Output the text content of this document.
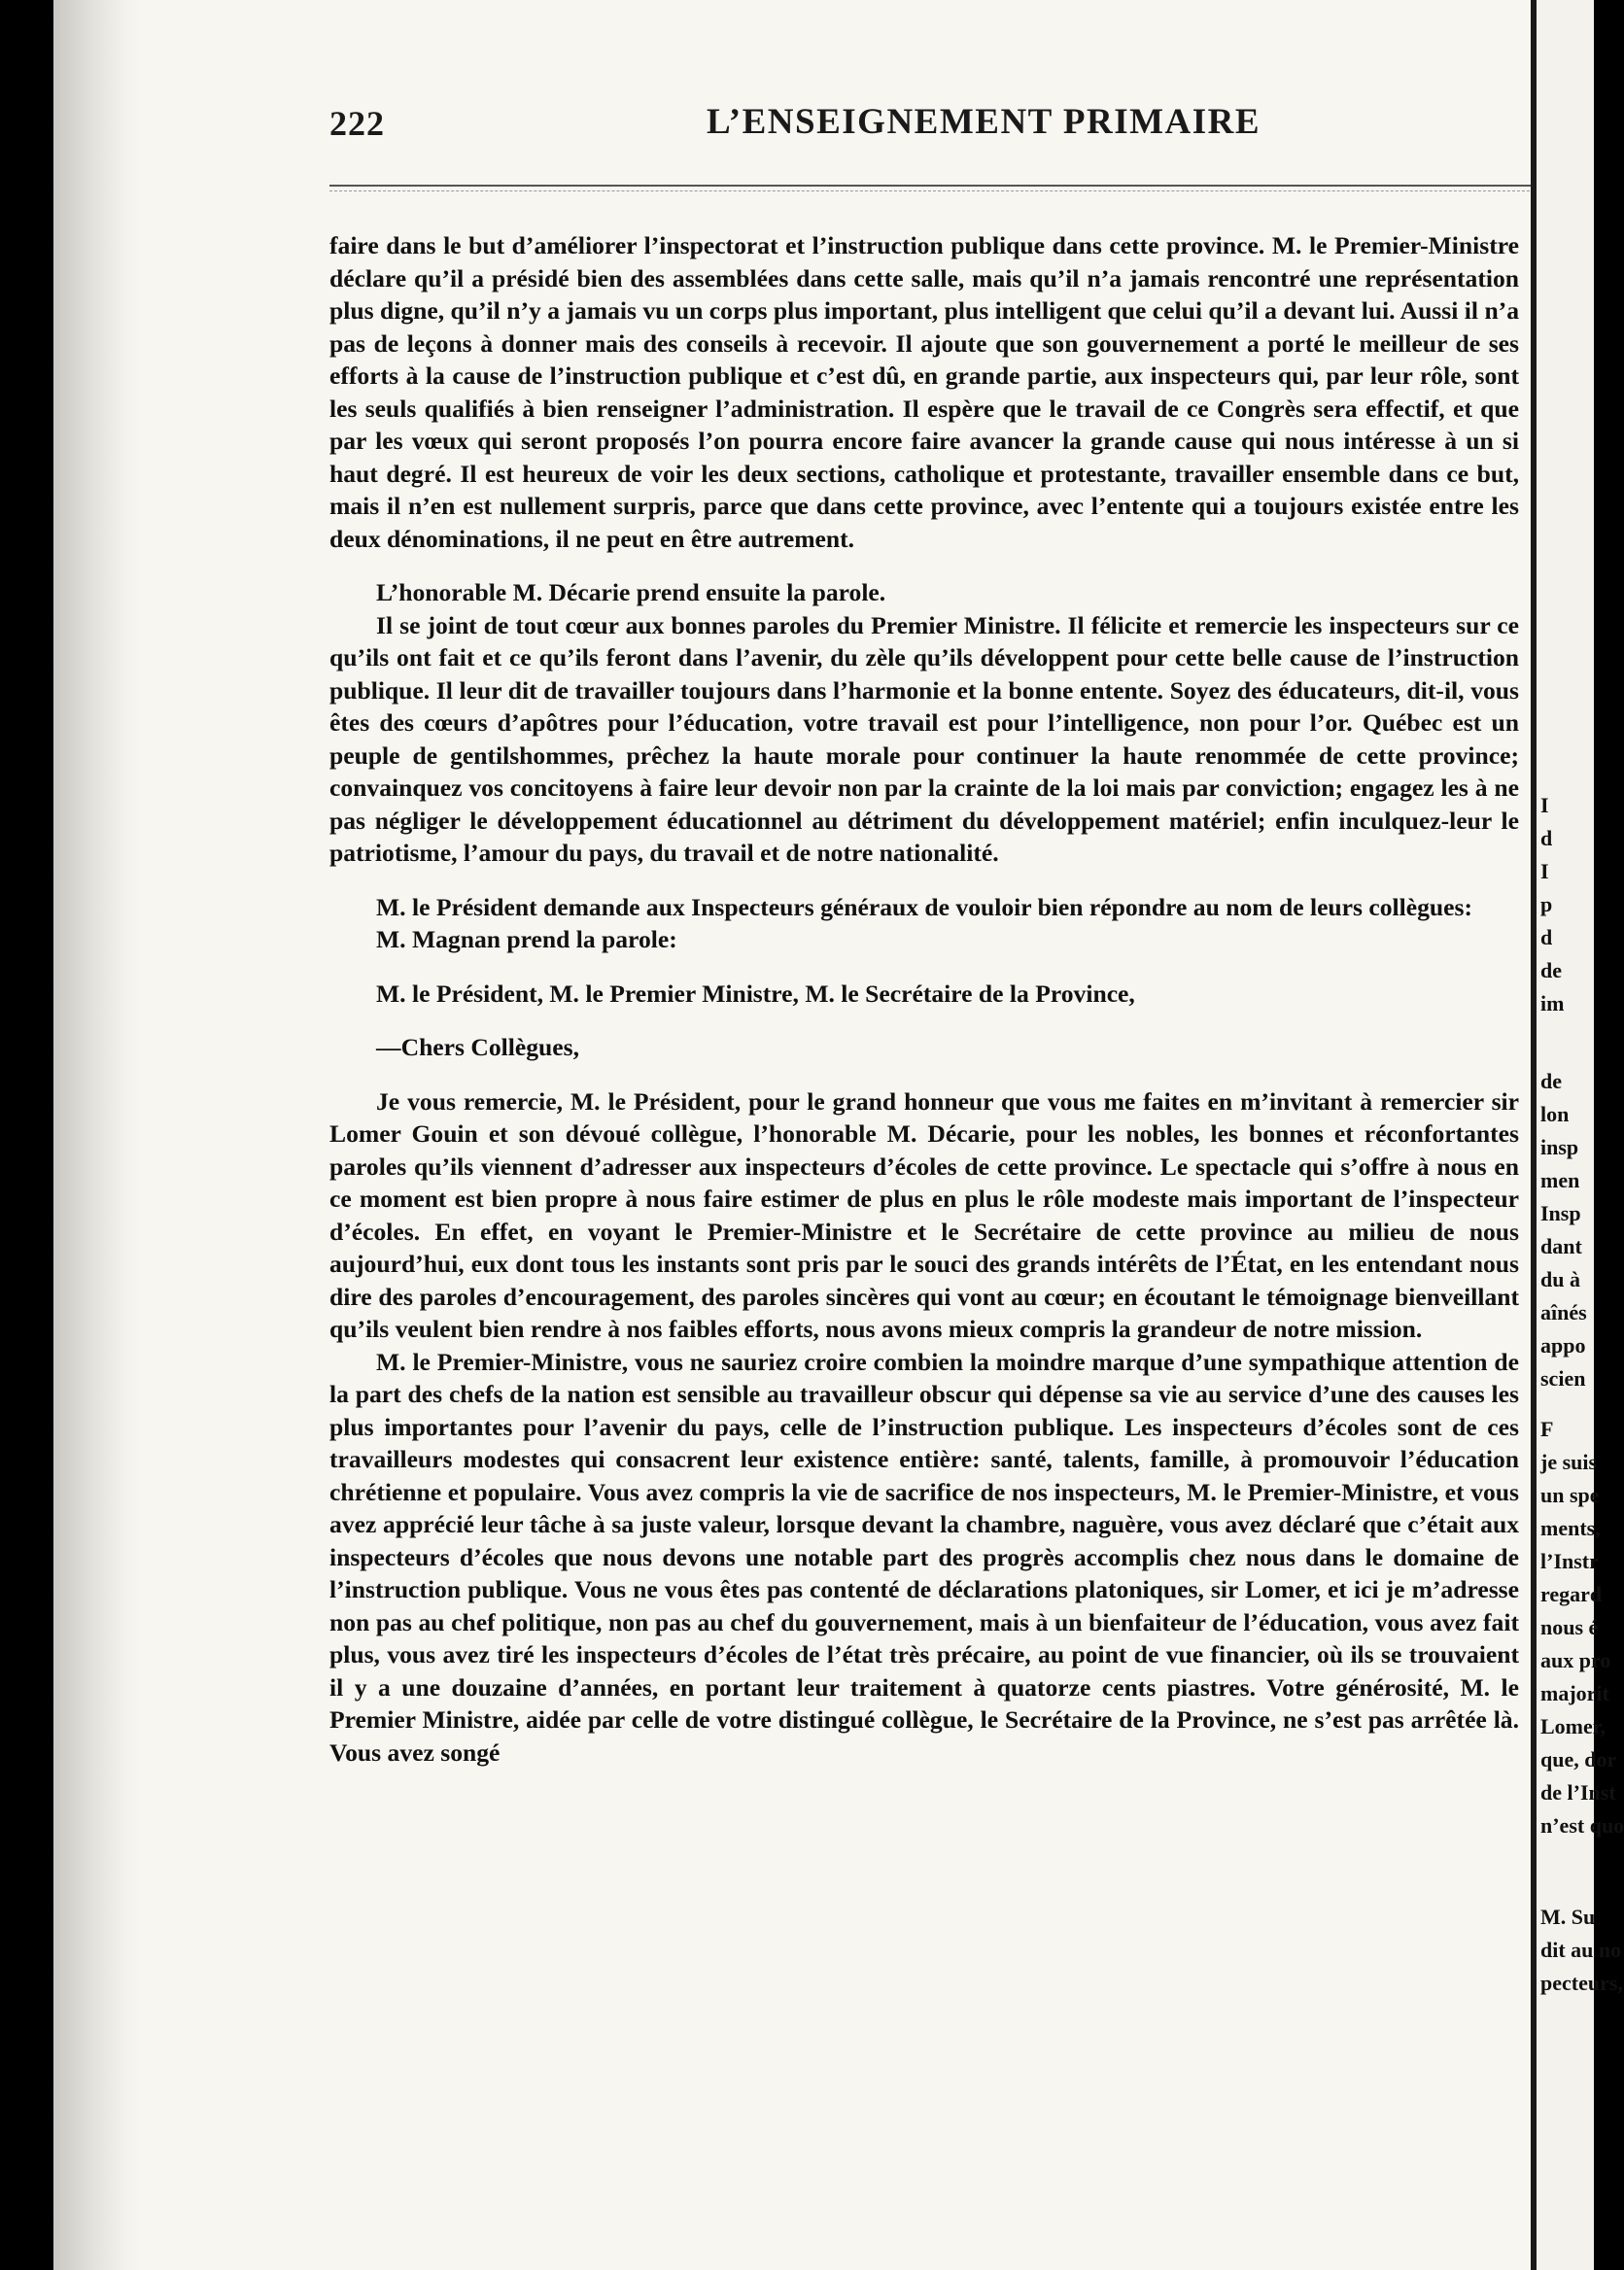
222	L’ENSEIGNEMENT PRIMAIRE

faire dans le but d’améliorer l’inspectorat et l’instruction publique dans cette province. M. le Premier-Ministre déclare qu’il a présidé bien des assemblées dans cette salle, mais qu’il n’a jamais rencontré une représentation plus digne, qu’il n’y a jamais vu un corps plus important, plus intelligent que celui qu’il a devant lui. Aussi il n’a pas de leçons à donner mais des conseils à recevoir. Il ajoute que son gouvernement a porté le meilleur de ses efforts à la cause de l’instruction publique et c’est dû, en grande partie, aux inspecteurs qui, par leur rôle, sont les seuls qualifiés à bien renseigner l’administration. Il espère que le travail de ce Congrès sera effectif, et que par les vœux qui seront proposés l’on pourra encore faire avancer la grande cause qui nous intéresse à un si haut degré. Il est heureux de voir les deux sections, catholique et protestante, travailler ensemble dans ce but, mais il n’en est nullement surpris, parce que dans cette province, avec l’entente qui a toujours existée entre les deux dénominations, il ne peut en être autrement.

L’honorable M. Décarie prend ensuite la parole.

Il se joint de tout cœur aux bonnes paroles du Premier Ministre. Il félicite et remercie les inspecteurs sur ce qu’ils ont fait et ce qu’ils feront dans l’avenir, du zèle qu’ils développent pour cette belle cause de l’instruction publique. Il leur dit de travailler toujours dans l’harmonie et la bonne entente. Soyez des éducateurs, dit-il, vous êtes des cœurs d’apôtres pour l’éducation, votre travail est pour l’intelligence, non pour l’or. Québec est un peuple de gentilshommes, prêchez la haute morale pour continuer la haute renommée de cette province; convainquez vos concitoyens à faire leur devoir non par la crainte de la loi mais par conviction; engagez les à ne pas négliger le développement éducationnel au détriment du développement matériel; enfin inculquez-leur le patriotisme, l’amour du pays, du travail et de notre nationalité.

M. le Président demande aux Inspecteurs généraux de vouloir bien répondre au nom de leurs collègues:

M. Magnan prend la parole:

M. le Président, M. le Premier Ministre, M. le Secrétaire de la Province,

—Chers Collègues,

Je vous remercie, M. le Président, pour le grand honneur que vous me faites en m’invitant à remercier sir Lomer Gouin et son dévoué collègue, l’honorable M. Décarie, pour les nobles, les bonnes et réconfortantes paroles qu’ils viennent d’adresser aux inspecteurs d’écoles de cette province. Le spectacle qui s’offre à nous en ce moment est bien propre à nous faire estimer de plus en plus le rôle modeste mais important de l’inspecteur d’écoles. En effet, en voyant le Premier-Ministre et le Secrétaire de cette province au milieu de nous aujourd’hui, eux dont tous les instants sont pris par le souci des grands intérêts de l’État, en les entendant nous dire des paroles d’encouragement, des paroles sincères qui vont au cœur; en écoutant le témoignage bienveillant qu’ils veulent bien rendre à nos faibles efforts, nous avons mieux compris la grandeur de notre mission.

M. le Premier-Ministre, vous ne sauriez croire combien la moindre marque d’une sympathique attention de la part des chefs de la nation est sensible au travailleur obscur qui dépense sa vie au service d’une des causes les plus importantes pour l’avenir du pays, celle de l’instruction publique. Les inspecteurs d’écoles sont de ces travailleurs modestes qui consacrent leur existence entière: santé, talents, famille, à promouvoir l’éducation chrétienne et populaire. Vous avez compris la vie de sacrifice de nos inspecteurs, M. le Premier-Ministre, et vous avez apprécié leur tâche à sa juste valeur, lorsque devant la chambre, naguère, vous avez déclaré que c’était aux inspecteurs d’écoles que nous devons une notable part des progrès accomplis chez nous dans le domaine de l’instruction publique. Vous ne vous êtes pas contenté de déclarations platoniques, sir Lomer, et ici je m’adresse non pas au chef politique, non pas au chef du gouvernement, mais à un bienfaiteur de l’éducation, vous avez fait plus, vous avez tiré les inspecteurs d’écoles de l’état très précaire, au point de vue financier, où ils se trouvaient il y a une douzaine d’années, en portant leur traitement à quatorze cents piastres. Votre générosité, M. le Premier Ministre, aidée par celle de votre distingué collègue, le Secrétaire de la Province, ne s’est pas arrêtée là. Vous avez songé

I
d
I
p
d
de
im
de
lon
insp
men
Insp
dant
du à
aînés
appo
scien
F
je suis
un spe
ments,
l’Instr
regard
nous é
aux pro
majorit
Lomer,
que, dor
de l’Inst
n’est quo
M. Su
dit au no
pecteurs,
